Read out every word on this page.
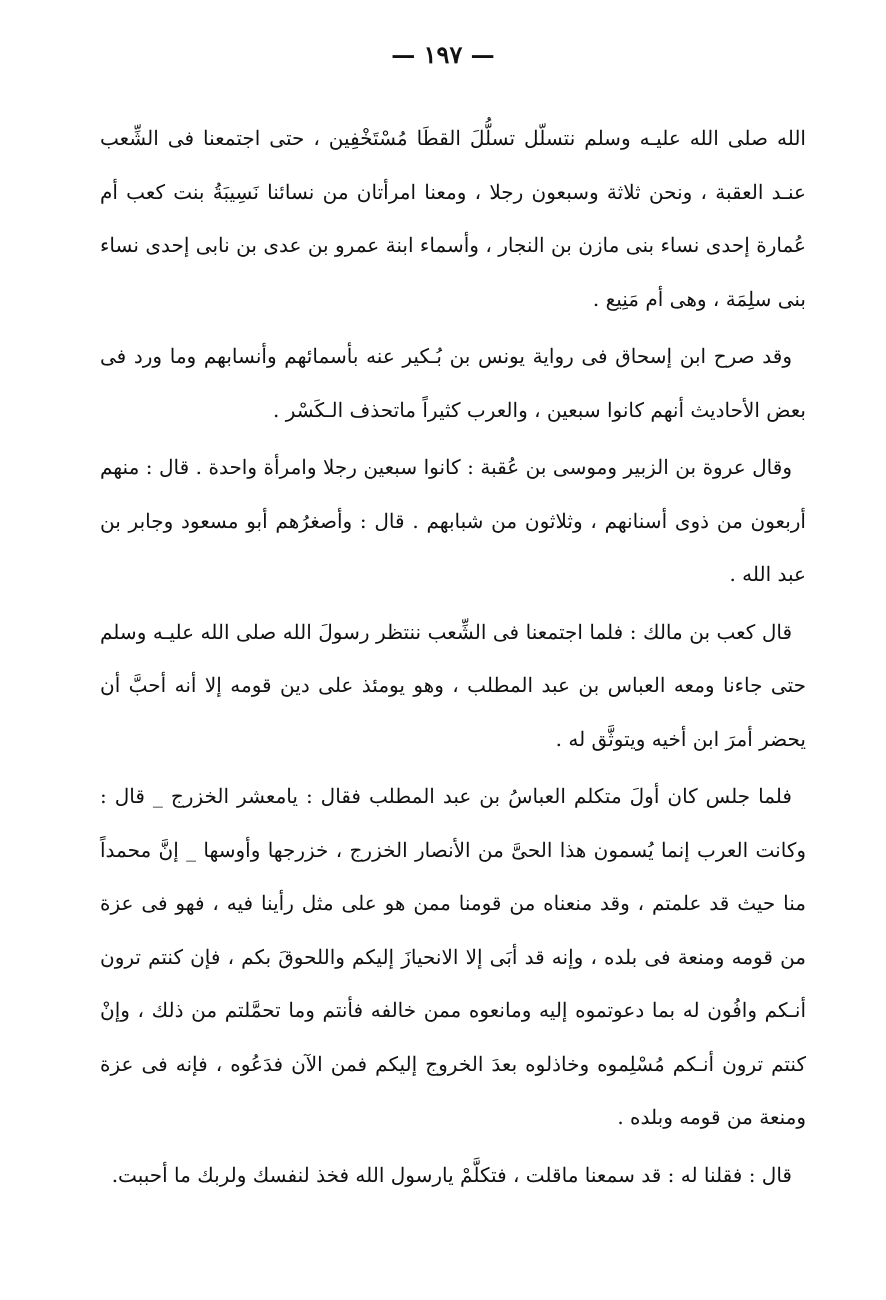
— ١٩٧ —

الله صلى الله عليـه وسلم نتسلّل تسلُّلَ القطَا مُسْتَخْفِين ، حتى اجتمعنا فى الشِّعب عنـد العقبة ، ونحن ثلاثة وسبعون رجلا ، ومعنا امرأتان من نسائنا نَسِيبَةُ بنت كعب أم عُمارة إحدى نساء بنى مازن بن النجار ، وأسماء ابنة عمرو بن عدى بن نابى إحدى نساء بنى سلِمَة ، وهى أم مَنِيع .

وقد صرح ابن إسحاق فى رواية يونس بن بُـكير عنه بأسمائهم وأنسابهم وما ورد فى بعض الأحاديث أنهم كانوا سبعين ، والعرب كثيراً ماتحذف الـكَسْر .

وقال عروة بن الزبير وموسى بن عُقبة : كانوا سبعين رجلا وامرأة واحدة . قال : منهم أربعون من ذوى أسنانهم ، وثلاثون من شبابهم . قال : وأصغرُهم أبو مسعود وجابر بن عبد الله .

قال كعب بن مالك : فلما اجتمعنا فى الشِّعب ننتظر رسولَ الله صلى الله عليـه وسلم حتى جاءنا ومعه العباس بن عبد المطلب ، وهو يومئذ على دين قومه إلا أنه أحبَّ أن يحضر أمرَ ابن أخيه ويتوثَّق له .

فلما جلس كان أولَ متكلم العباسُ بن عبد المطلب فقال : يامعشر الخزرج _ قال : وكانت العرب إنما يُسمون هذا الحىَّ من الأنصار الخزرج ، خزرجها وأوسها _ إنَّ محمداً منا حيث قد علمتم ، وقد منعناه من قومنا ممن هو على مثل رأينا فيه ، فهو فى عزة من قومه ومنعة فى بلده ، وإنه قد أبَى إلا الانحيازَ إليكم واللحوقَ بكم ، فإن كنتم ترون أنـكم وافُون له بما دعوتموه إليه ومانعوه ممن خالفه فأنتم وما تحمَّلتم من ذلك ، وإنْ كنتم ترون أنـكم مُسْلِموه وخاذلوه بعدَ الخروج إليكم فمن الآن فدَعُوه ، فإنه فى عزة ومنعة من قومه وبلده .

قال : فقلنا له : قد سمعنا ماقلت ، فتكلَّمْ يارسول الله فخذ لنفسك ولربك ما أحببت.
